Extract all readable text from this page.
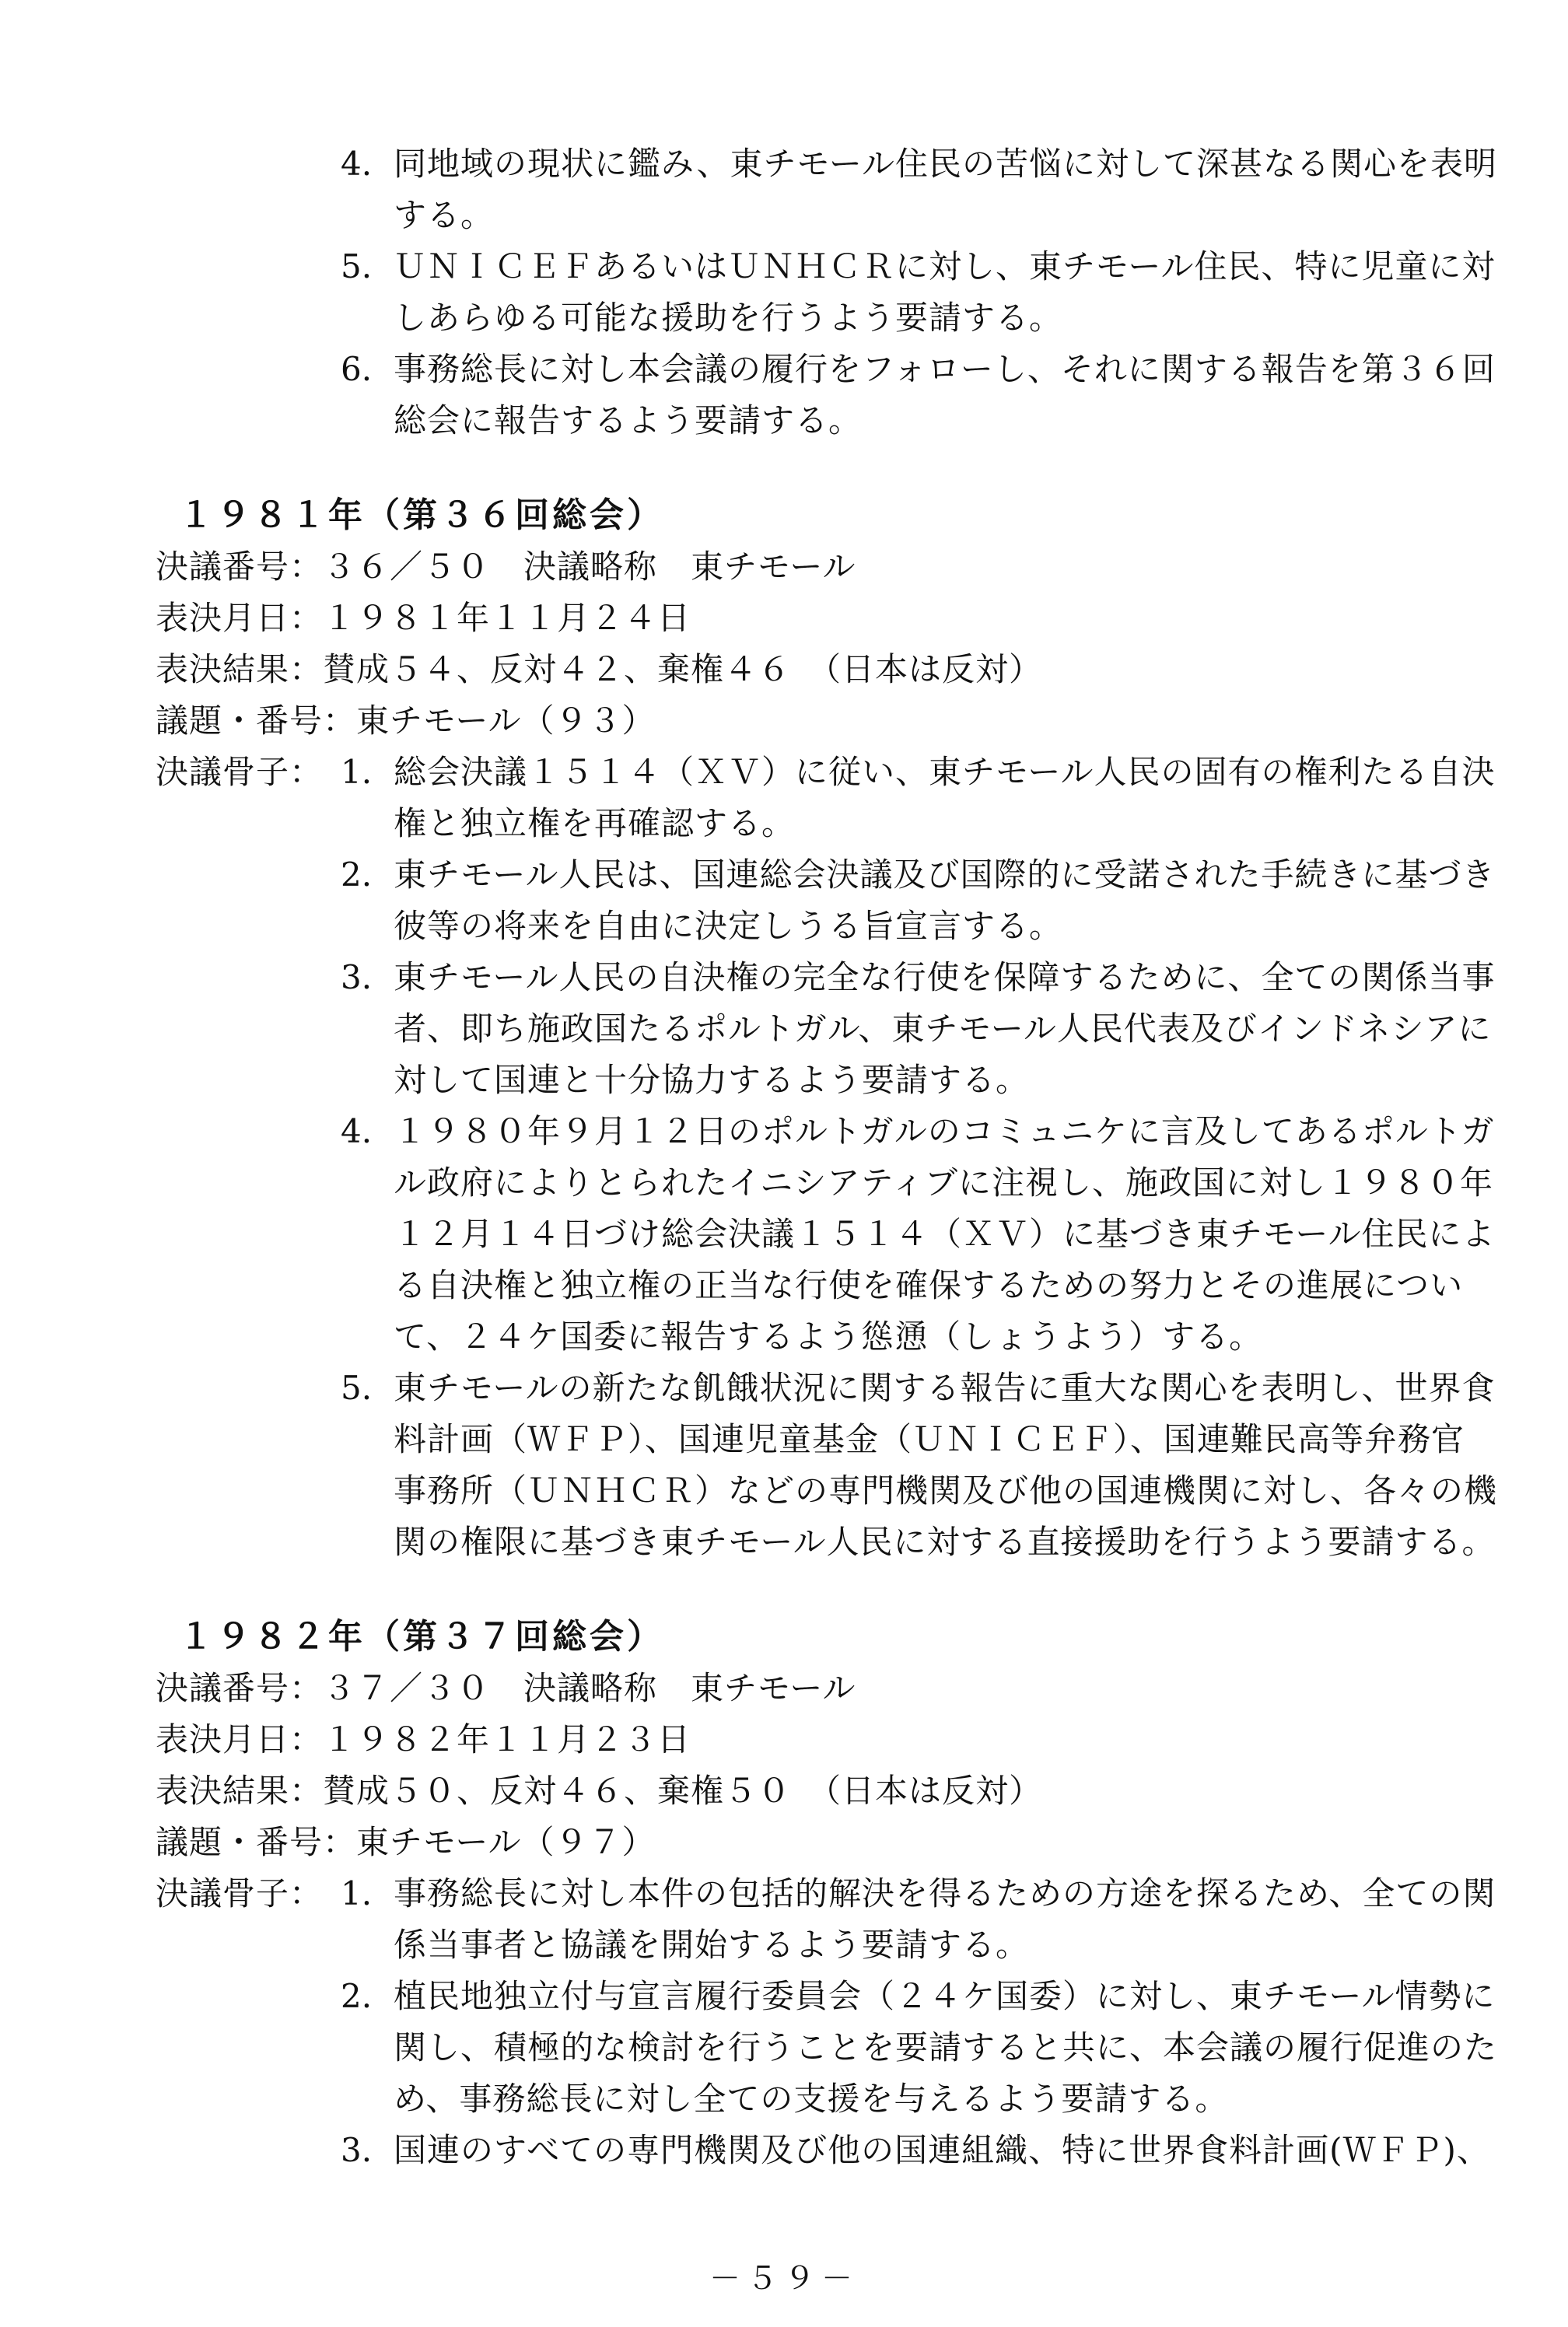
4. 同地域の現状に鑑み、東チモール住民の苦悩に対して深甚なる関心を表明
する。
5. ＵＮＩＣＥＦあるいはＵＮＨＣＲに対し、東チモール住民、特に児童に対
しあらゆる可能な援助を行うよう要請する。
6. 事務総長に対し本会議の履行をフォローし、それに関する報告を第３６回
総会に報告するよう要請する。
１９８１年（第３６回総会）
決議番号：３６／５０　決議略称　東チモール
表決月日：１９８１年１１月２４日
表決結果：賛成５４、反対４２、棄権４６　（日本は反対）
議題・番号：東チモール（９３）
決議骨子： 1. 総会決議１５１４（ＸＶ）に従い、東チモール人民の固有の権利たる自決
権と独立権を再確認する。
2. 東チモール人民は、国連総会決議及び国際的に受諾された手続きに基づき
彼等の将来を自由に決定しうる旨宣言する。
3. 東チモール人民の自決権の完全な行使を保障するために、全ての関係当事
者、即ち施政国たるポルトガル、東チモール人民代表及びインドネシアに
対して国連と十分協力するよう要請する。
4. １９８０年９月１２日のポルトガルのコミュニケに言及してあるポルトガ
ル政府によりとられたイニシアティブに注視し、施政国に対し１９８０年
１２月１４日づけ総会決議１５１４（ＸＶ）に基づき東チモール住民によ
る自決権と独立権の正当な行使を確保するための努力とその進展につい
て、２４ケ国委に報告するよう慫慂（しょうよう）する。
5. 東チモールの新たな飢餓状況に関する報告に重大な関心を表明し、世界食
料計画（ＷＦＰ）、国連児童基金（ＵＮＩＣＥＦ）、国連難民高等弁務官
事務所（ＵＮＨＣＲ）などの専門機関及び他の国連機関に対し、各々の機
関の権限に基づき東チモール人民に対する直接援助を行うよう要請する。
１９８２年（第３７回総会）
決議番号：３７／３０　決議略称　東チモール
表決月日：１９８２年１１月２３日
表決結果：賛成５０、反対４６、棄権５０　（日本は反対）
議題・番号：東チモール（９７）
決議骨子： 1. 事務総長に対し本件の包括的解決を得るための方途を探るため、全ての関
係当事者と協議を開始するよう要請する。
2. 植民地独立付与宣言履行委員会（２４ケ国委）に対し、東チモール情勢に
関し、積極的な検討を行うことを要請すると共に、本会議の履行促進のた
め、事務総長に対し全ての支援を与えるよう要請する。
3. 国連のすべての専門機関及び他の国連組織、特に世界食料計画(ＷＦＰ)、
－５９－
